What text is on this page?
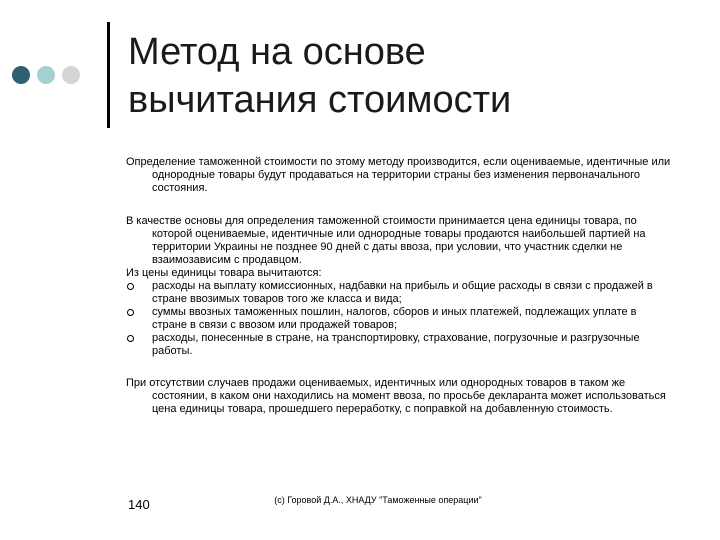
Метод на основе
вычитания стоимости

Определение таможенной стоимости по этому методу производится, если оцениваемые, идентичные или однородные товары будут продаваться на территории страны без изменения первоначального состояния.

В качестве основы для определения таможенной стоимости принимается цена единицы товара, по которой оцениваемые, идентичные или однородные товары продаются наибольшей партией на территории Украины не позднее 90 дней с даты ввоза, при условии, что участник сделки не взаимозависим с продавцом.

Из цены единицы товара вычитаются:

расходы на выплату комиссионных, надбавки на прибыль и общие расходы в связи с продажей в стране ввозимых товаров того же класса и вида;
суммы ввозных таможенных пошлин, налогов, сборов и иных платежей, подлежащих уплате в стране в связи с ввозом или продажей товаров;
расходы, понесенные в стране, на транспортировку, страхование, погрузочные и разгрузочные работы.

При отсутствии случаев продажи оцениваемых, идентичных или однородных товаров в таком же состоянии, в каком они находились на момент ввоза, по просьбе декларанта может использоваться цена единицы товара, прошедшего переработку, с поправкой на добавленную стоимость.

140	(с) Горовой Д.А., ХНАДУ "Таможенные операции"
